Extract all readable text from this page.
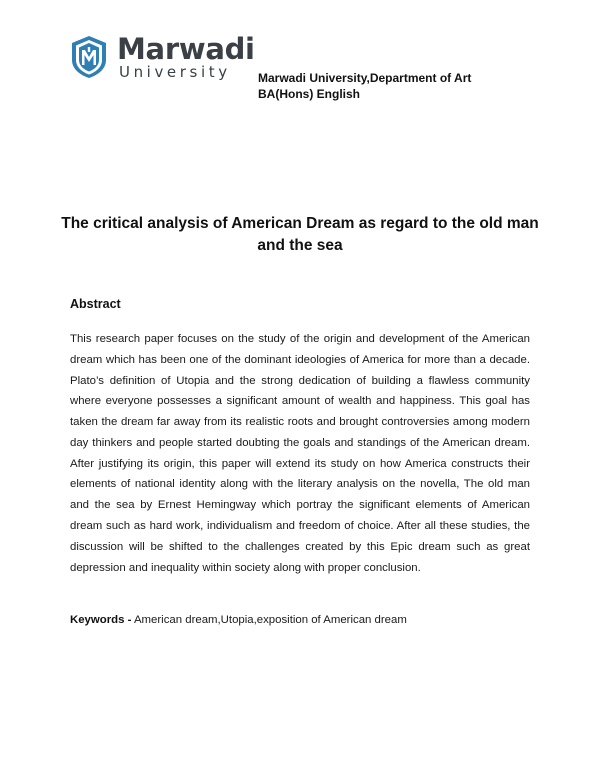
Marwadi
University Marwadi University,Department of Art
BA(Hons) English
The critical analysis of American Dream as regard to the old man and the sea
Abstract

This research paper focuses on the study of the origin and development of the American dream which has been one of the dominant ideologies of America for more than a decade. Plato’s definition of Utopia and the strong dedication of building a flawless community where everyone possesses a significant amount of wealth and happiness. This goal has taken the dream far away from its realistic roots and brought controversies among modern day thinkers and people started doubting the goals and standings of the American dream. After justifying its origin, this paper will extend its study on how America constructs their elements of national identity along with the literary analysis on the novella, The old man and the sea by Ernest Hemingway which portray the significant elements of American dream such as hard work, individualism and freedom of choice. After all these studies, the discussion will be shifted to the challenges created by this Epic dream such as great depression and inequality within society along with proper conclusion.

Keywords - American dream,Utopia,exposition of American dream
